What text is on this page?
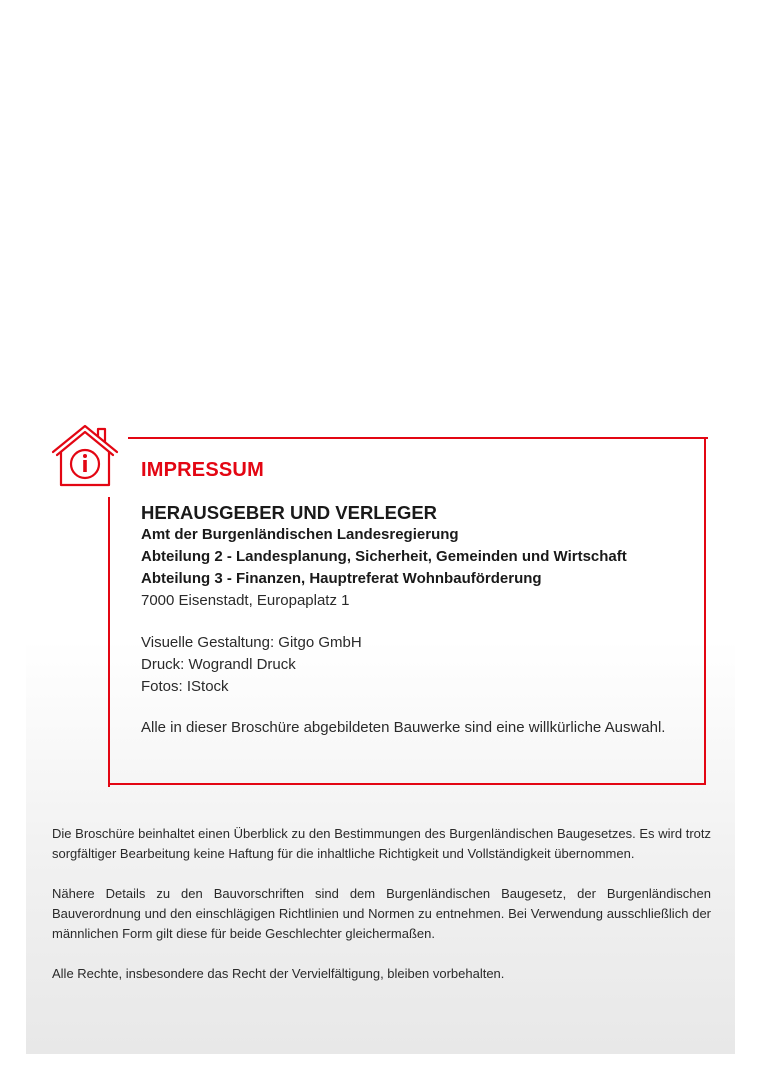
IMPRESSUM
HERAUSGEBER UND VERLEGER

Amt der Burgenländischen Landesregierung

Abteilung 2 - Landesplanung, Sicherheit, Gemeinden und Wirtschaft

Abteilung 3 - Finanzen, Hauptreferat Wohnbauförderung

7000 Eisenstadt, Europaplatz 1

Visuelle Gestaltung: Gitgo GmbH

Druck: Wograndl Druck

Fotos: IStock

Alle in dieser Broschüre abgebildeten Bauwerke sind eine willkürliche Auswahl.

Die Broschüre beinhaltet einen Überblick zu den Bestimmungen des Burgenländischen Baugesetzes. Es wird trotz sorgfältiger Bearbeitung keine Haftung für die inhaltliche Richtigkeit und Vollständigkeit übernommen.

Nähere Details zu den Bauvorschriften sind dem Burgenländischen Baugesetz, der Burgenländischen Bauverordnung und den einschlägigen Richtlinien und Normen zu entnehmen. Bei Verwendung ausschließlich der männlichen Form gilt diese für beide Geschlechter gleichermaßen.

Alle Rechte, insbesondere das Recht der Vervielfältigung, bleiben vorbehalten.
